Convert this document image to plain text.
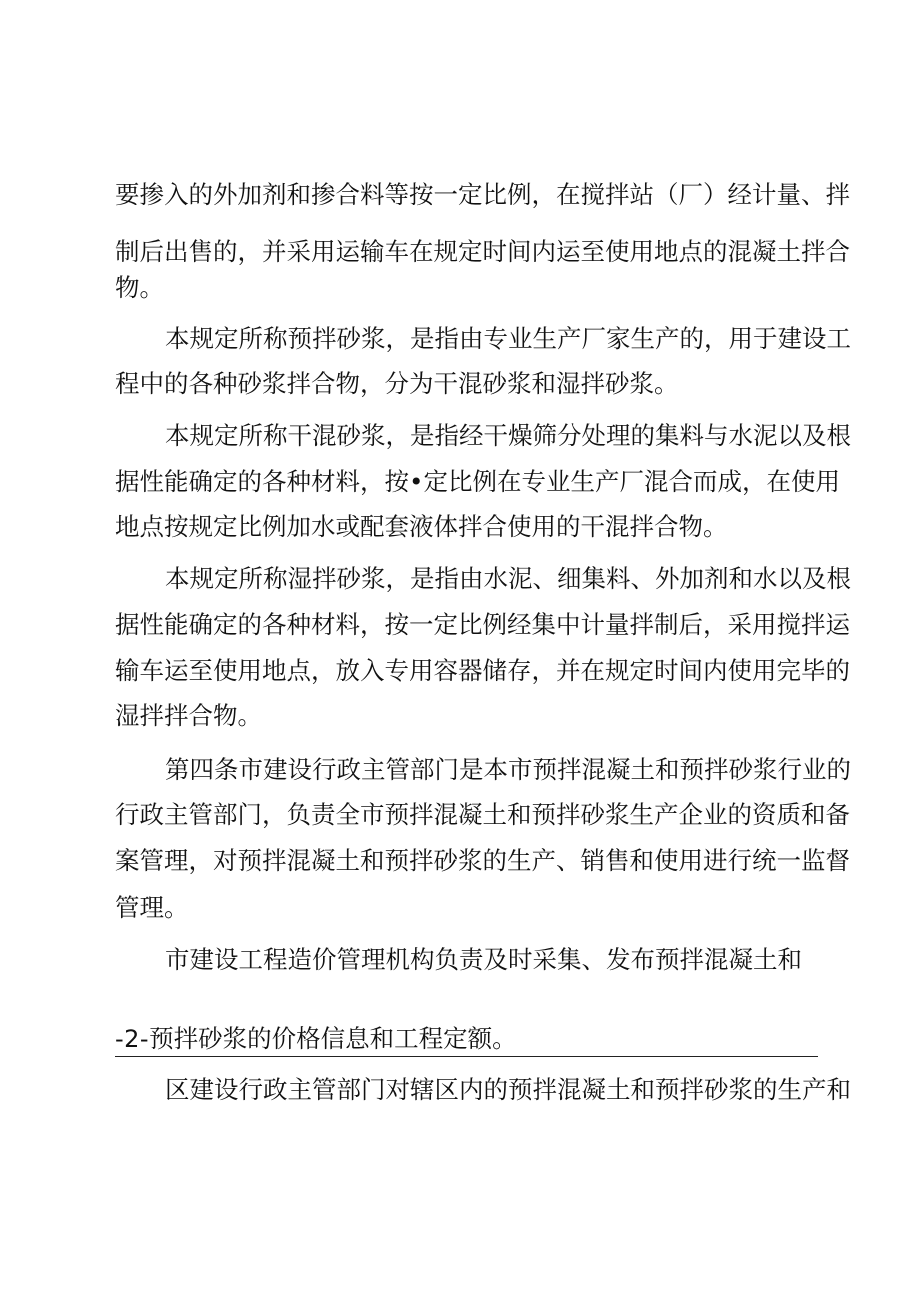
要掺入的外加剂和掺合料等按一定比例，在搅拌站（厂）经计量、拌
制后出售的，并采用运输车在规定时间内运至使用地点的混凝土拌合
物。
本规定所称预拌砂浆，是指由专业生产厂家生产的，用于建设工
程中的各种砂浆拌合物，分为干混砂浆和湿拌砂浆。
本规定所称干混砂浆，是指经干燥筛分处理的集料与水泥以及根
据性能确定的各种材料，按•定比例在专业生产厂混合而成，在使用
地点按规定比例加水或配套液体拌合使用的干混拌合物。
本规定所称湿拌砂浆，是指由水泥、细集料、外加剂和水以及根
据性能确定的各种材料，按一定比例经集中计量拌制后，采用搅拌运
输车运至使用地点，放入专用容器储存，并在规定时间内使用完毕的
湿拌拌合物。
第四条市建设行政主管部门是本市预拌混凝土和预拌砂浆行业的
行政主管部门，负责全市预拌混凝土和预拌砂浆生产企业的资质和备
案管理，对预拌混凝土和预拌砂浆的生产、销售和使用进行统一监督
管理。
市建设工程造价管理机构负责及时采集、发布预拌混凝土和
-2-预拌砂浆的价格信息和工程定额。
区建设行政主管部门对辖区内的预拌混凝土和预拌砂浆的生产和
